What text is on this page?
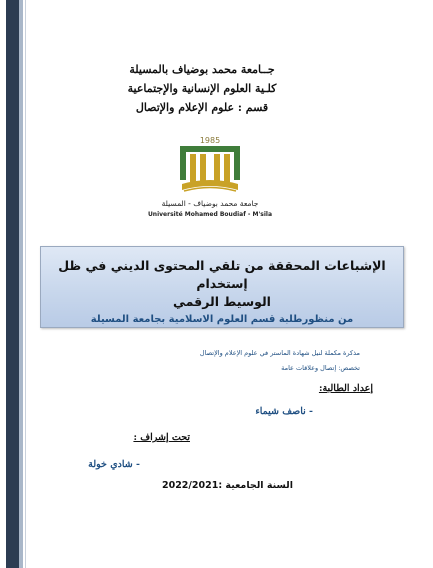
جــامعة محمد بوضياف بالمسيلة
كلـية العلوم الإنسانية والإجتماعية
قسم : علوم الإعلام والإتصال
1985
جامعة محمد بوضياف - المسيلة
Université Mohamed Boudiaf - M'sila
الإشباعات المحققة من تلقي المحتوى الديني في ظل إستخدام
الوسيط الرقمي
من منظورطلبة قسم العلوم الاسلامية بجامعة المسيلة
مذكرة مكملة لنيل شهادة الماستر في علوم الإعلام والإتصال
تخصص: إتصال وعلاقات عامة
إعداد الطالبة:
- ناصف شيماء
تحت إشراف :
- شادي خولة
السنة الجامعية :2022/2021
